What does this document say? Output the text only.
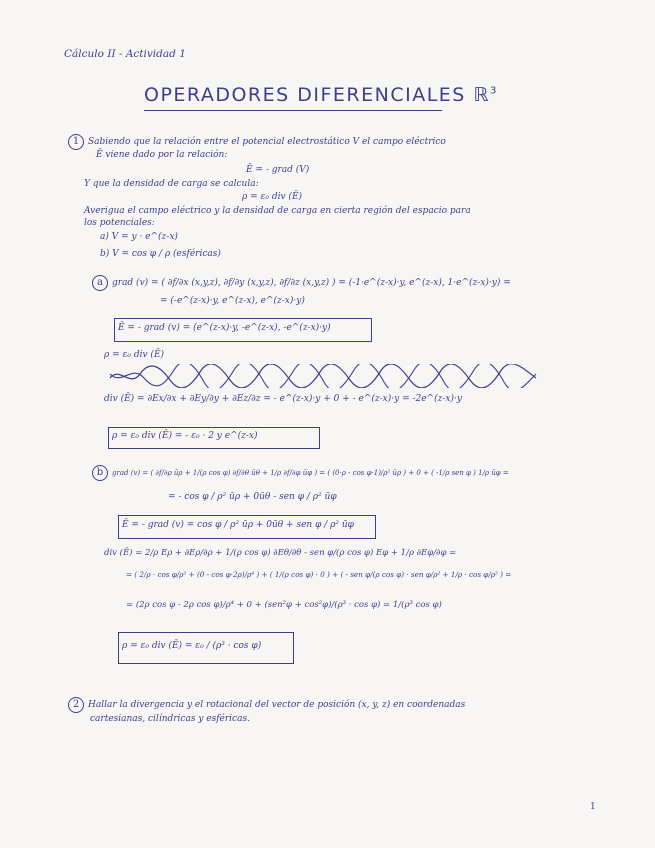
Cálculo II - Actividad 1
OPERADORES DIFERENCIALES ℝ$^3$
1 Sabiendo que la relación entre el potencial electrostático V el campo eléctrico
Ē viene dado por la relación:
Ē = - grad (V)
Y que la densidad de carga se calcula:
ρ = ε₀ div (Ē)
Averigua el campo eléctrico y la densidad de carga en cierta región del espacio para
los potenciales:
a) V = y · e^(z-x)
b) V = cos φ / ρ (esféricas)
a grad (v) = ( ∂f/∂x (x,y,z), ∂f/∂y (x,y,z), ∂f/∂z (x,y,z) ) = (-1·e^(z-x)·y, e^(z-x), 1·e^(z-x)·y) =
= (-e^(z-x)·y, e^(z-x), e^(z-x)·y)
Ē = - grad (v) = (e^(z-x)·y, -e^(z-x), -e^(z-x)·y)
ρ = ε₀ div (Ē)
div (Ē) = ∂Ex/∂x + ∂Ey/∂y + ∂Ez/∂z = - e^(z-x)·y + 0 + - e^(z-x)·y = -2e^(z-x)·y
ρ = ε₀ div (Ē) = - ε₀ · 2 y e^(z-x)
b grad (v) = ( ∂f/∂ρ ūρ + 1/(ρ cos φ) ∂f/∂θ ūθ + 1/ρ ∂f/∂φ ūφ ) = ( (0·ρ - cos φ·1)/ρ² ūρ ) + 0 + ( -1/ρ sen φ ) 1/ρ ūφ =
= - cos φ / ρ² ūρ + 0ūθ - sen φ / ρ² ūφ
Ē = - grad (v) = cos φ / ρ² ūρ + 0ūθ + sen φ / ρ² ūφ
div (Ē) = 2/ρ Eρ + ∂Eρ/∂ρ + 1/(ρ cos φ) ∂Eθ/∂θ - sen φ/(ρ cos φ) Eφ + 1/ρ ∂Eφ/∂φ =
= ( 2/ρ · cos φ/ρ² + (0 - cos φ·2ρ)/ρ⁴ ) + ( 1/(ρ cos φ) · 0 ) + ( - sen φ/(ρ cos φ) · sen φ/ρ² + 1/ρ · cos φ/ρ² ) =
= (2ρ cos φ - 2ρ cos φ)/ρ⁴ + 0 + (sen²φ + cos²φ)/(ρ³ · cos φ) = 1/(ρ³ cos φ)
ρ = ε₀ div (Ē) = ε₀ / (ρ³ · cos φ)
2 Hallar la divergencia y el rotacional del vector de posición (x, y, z) en coordenadas
cartesianas, cilíndricas y esféricas.
1
